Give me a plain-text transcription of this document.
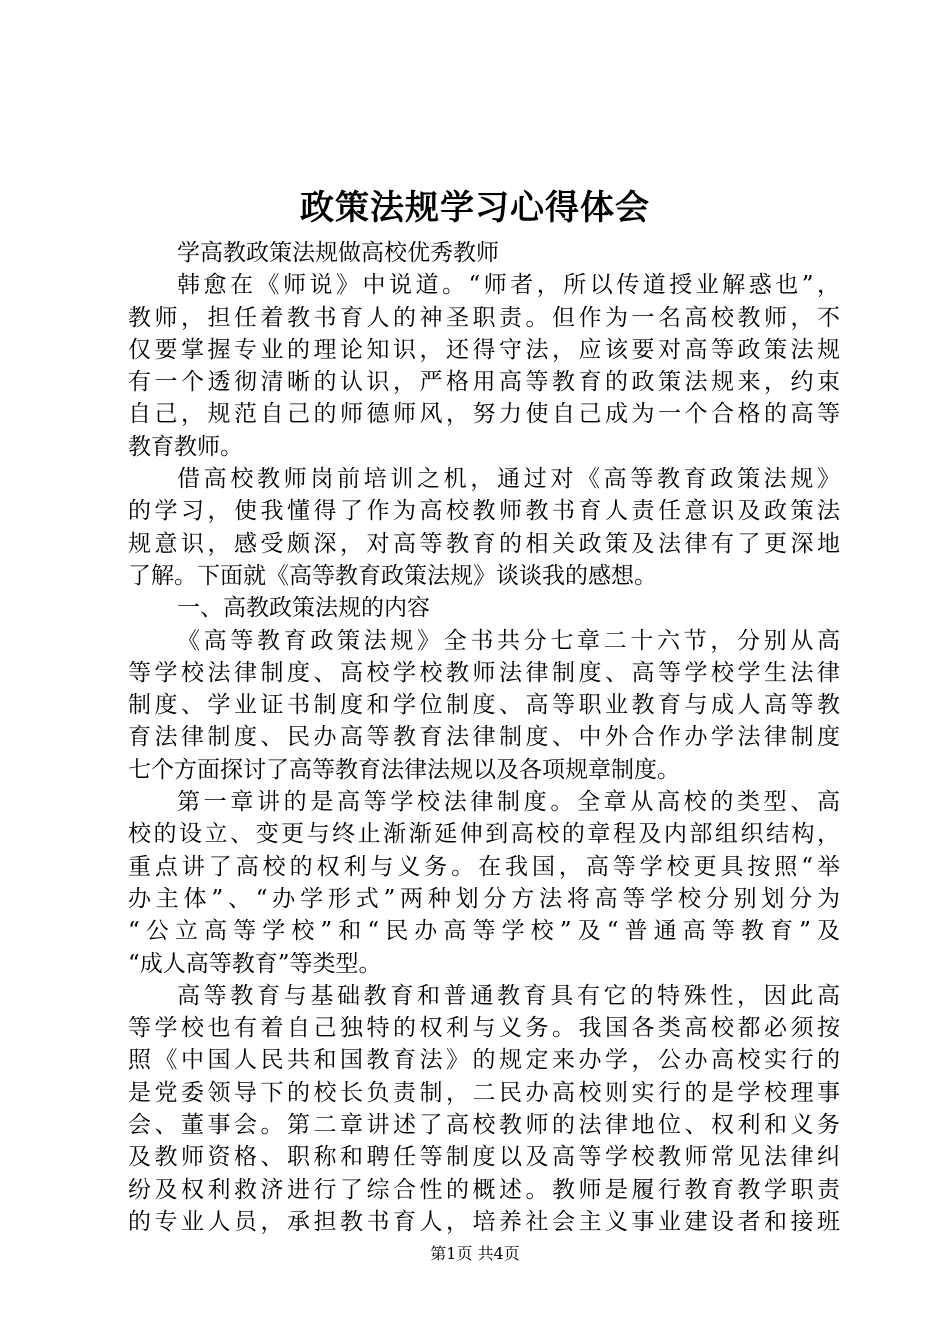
政策法规学习心得体会
学高教政策法规做高校优秀教师
韩愈在《师说》中说道。“师者，所以传道授业解惑也”，
教师，担任着教书育人的神圣职责。但作为一名高校教师，不
仅要掌握专业的理论知识，还得守法，应该要对高等政策法规
有一个透彻清晰的认识，严格用高等教育的政策法规来，约束
自己，规范自己的师德师风，努力使自己成为一个合格的高等
教育教师。
借高校教师岗前培训之机，通过对《高等教育政策法规》
的学习，使我懂得了作为高校教师教书育人责任意识及政策法
规意识，感受颇深，对高等教育的相关政策及法律有了更深地
了解。下面就《高等教育政策法规》谈谈我的感想。
一、高教政策法规的内容
《高等教育政策法规》全书共分七章二十六节，分别从高
等学校法律制度、高校学校教师法律制度、高等学校学生法律
制度、学业证书制度和学位制度、高等职业教育与成人高等教
育法律制度、民办高等教育法律制度、中外合作办学法律制度
七个方面探讨了高等教育法律法规以及各项规章制度。
第一章讲的是高等学校法律制度。全章从高校的类型、高
校的设立、变更与终止渐渐延伸到高校的章程及内部组织结构，
重点讲了高校的权利与义务。在我国，高等学校更具按照“举
办主体”、“办学形式”两种划分方法将高等学校分别划分为
“公立高等学校”和“民办高等学校”及“普通高等教育”及
“成人高等教育”等类型。
高等教育与基础教育和普通教育具有它的特殊性，因此高
等学校也有着自己独特的权利与义务。我国各类高校都必须按
照《中国人民共和国教育法》的规定来办学，公办高校实行的
是党委领导下的校长负责制，二民办高校则实行的是学校理事
会、董事会。第二章讲述了高校教师的法律地位、权利和义务
及教师资格、职称和聘任等制度以及高等学校教师常见法律纠
纷及权利救济进行了综合性的概述。教师是履行教育教学职责
的专业人员，承担教书育人，培养社会主义事业建设者和接班
第1页 共4页
